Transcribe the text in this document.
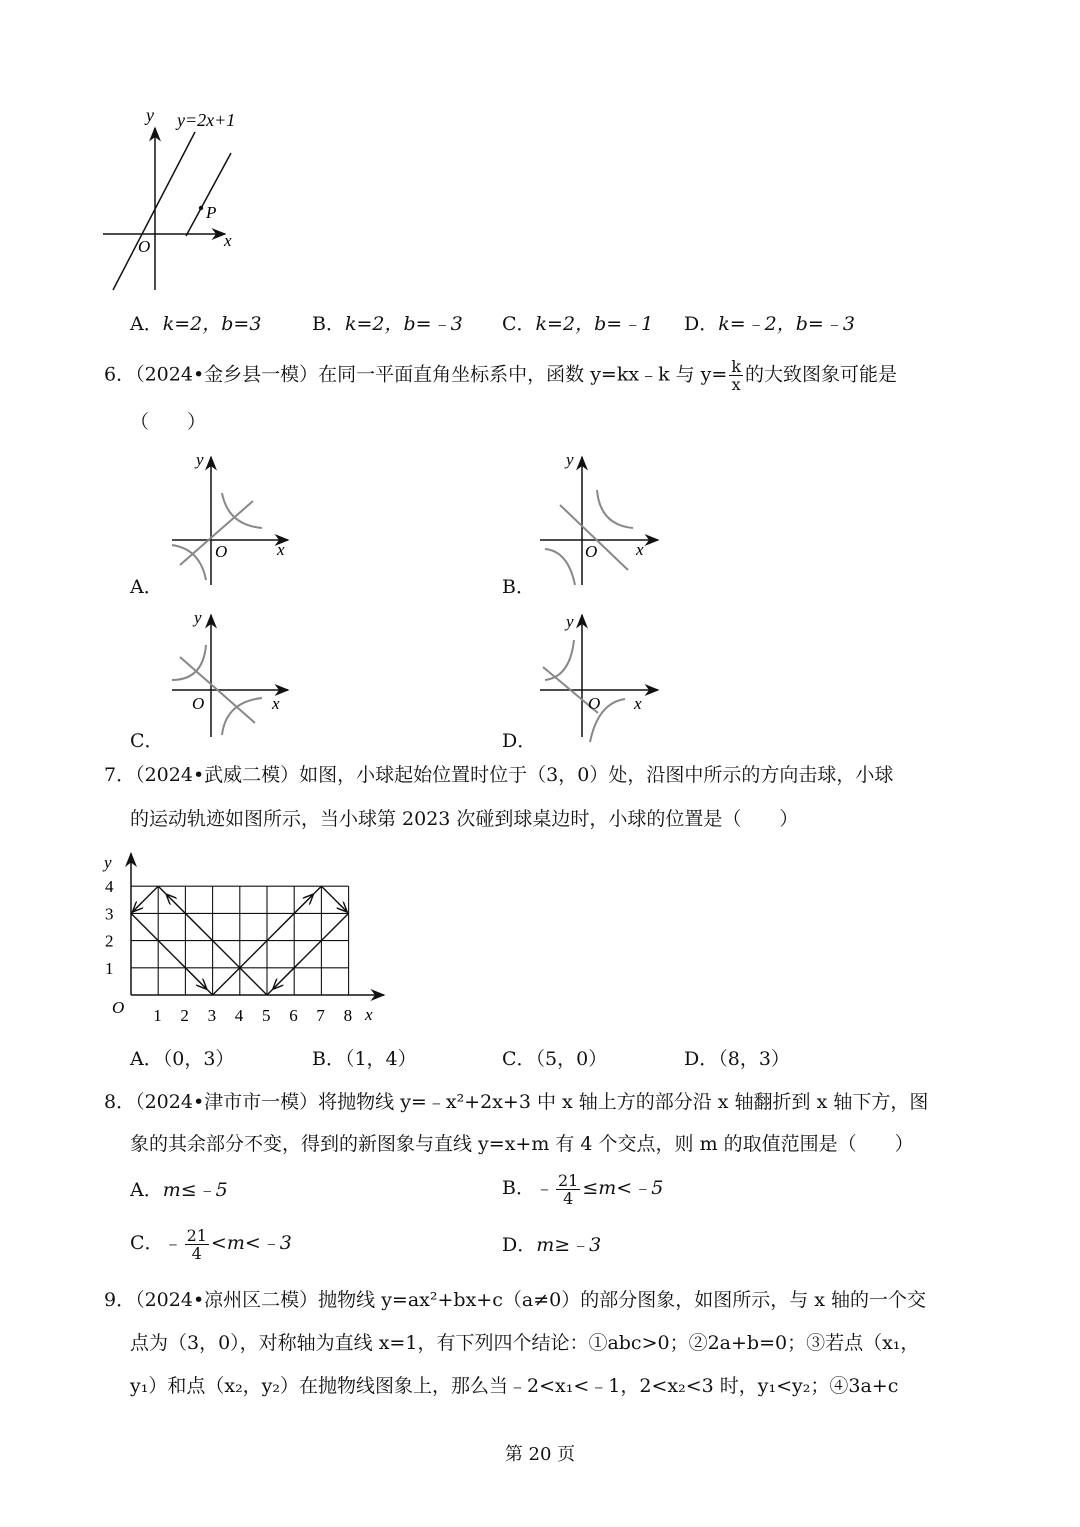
y=2x+1
y
x
O
P
A．k=2，b=3	B．k=2，b=﹣3 C．k=2，b=﹣1 D．k=﹣2，b=﹣3
6．（2024•金乡县一模）在同一平面直角坐标系中，函数 y=kx﹣k 与 $y= \frac{k}{x}$ 的大致图象可能是
（　　）
y
O	x
y
O x
A．	B．
y
O	x
y
O x
C．	D．
7．（2024•武威二模）如图，小球起始位置时位于（3，0）处，沿图中所示的方向击球，小球
的运动轨迹如图所示，当小球第 2023 次碰到球桌边时，小球的位置是（　　）
y
O	x
1 2 3 4 5 6 7 8
1
2
3
4
A．（0，3）	B．（1，4）	C．（5，0）	D．（8，3）
8．（2024•津市市一模）将抛物线 y=﹣x²+2x+3 中 x 轴上方的部分沿 x 轴翻折到 x 轴下方，图
象的其余部分不变，得到的新图象与直线 y=x+m 有 4 个交点，则 m 的取值范围是（　　）
A．m≤﹣5	B．﹣ $\frac{21}{4}$ ≤m<﹣5
C．﹣ $\frac{21}{4}$ <m<﹣3	D．m≥﹣3
9．（2024•凉州区二模）抛物线 y=ax²+bx+c（a≠0）的部分图象，如图所示，与 x 轴的一个交
点为（3，0），对称轴为直线 x=1，有下列四个结论：①abc>0；②2a+b=0；③若点（x₁，
y₁）和点（x₂，y₂）在抛物线图象上，那么当﹣2<x₁<﹣1，2<x₂<3 时，y₁<y₂；④3a+c
第 20 页
